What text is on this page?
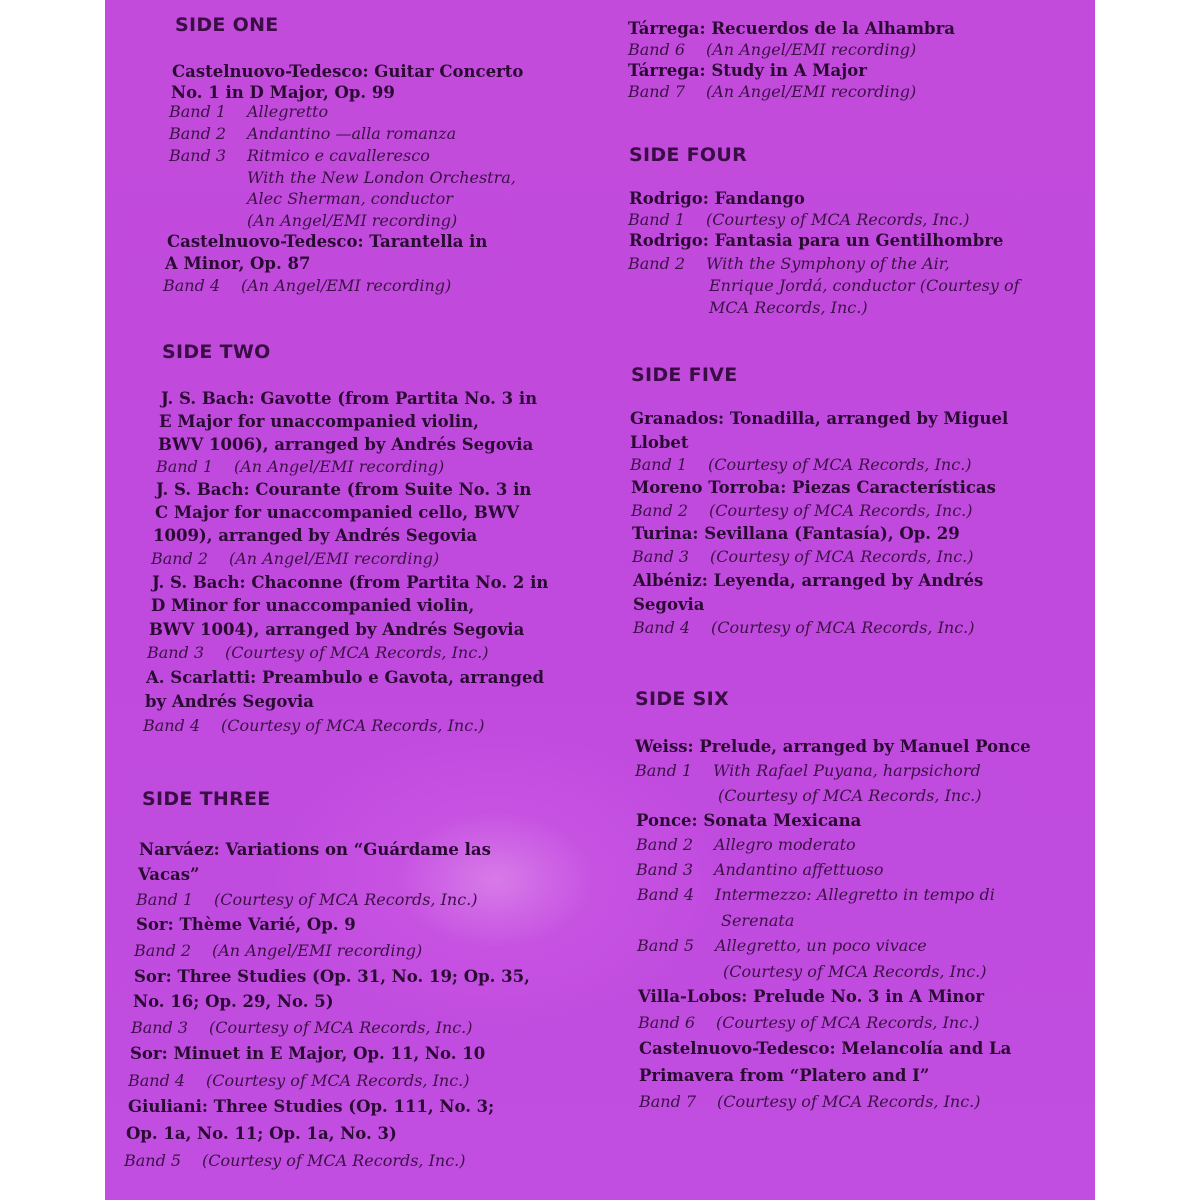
SIDE ONE

Castelnuovo-Tedesco: Guitar Concerto

No. 1 in D Major, Op. 99

Band 1 Allegretto

Band 2 Andantino —alla romanza

Band 3 Ritmico e cavalleresco

With the New London Orchestra,

Alec Sherman, conductor

(An Angel/EMI recording)

Castelnuovo-Tedesco: Tarantella in

A Minor, Op. 87

Band 4 (An Angel/EMI recording)

SIDE TWO

J. S. Bach: Gavotte (from Partita No. 3 in

E Major for unaccompanied violin,

BWV 1006), arranged by Andrés Segovia

Band 1 (An Angel/EMI recording)

J. S. Bach: Courante (from Suite No. 3 in

C Major for unaccompanied cello, BWV

1009), arranged by Andrés Segovia

Band 2 (An Angel/EMI recording)

J. S. Bach: Chaconne (from Partita No. 2 in

D Minor for unaccompanied violin,

BWV 1004), arranged by Andrés Segovia

Band 3 (Courtesy of MCA Records, Inc.)

A. Scarlatti: Preambulo e Gavota, arranged

by Andrés Segovia

Band 4 (Courtesy of MCA Records, Inc.)

SIDE THREE

Narváez: Variations on “Guárdame las

Vacas”

Band 1 (Courtesy of MCA Records, Inc.)

Sor: Thème Varié, Op. 9

Band 2 (An Angel/EMI recording)

Sor: Three Studies (Op. 31, No. 19; Op. 35,

No. 16; Op. 29, No. 5)

Band 3 (Courtesy of MCA Records, Inc.)

Sor: Minuet in E Major, Op. 11, No. 10

Band 4 (Courtesy of MCA Records, Inc.)

Giuliani: Three Studies (Op. 111, No. 3;

Op. 1a, No. 11; Op. 1a, No. 3)

Band 5 (Courtesy of MCA Records, Inc.)

Tárrega: Recuerdos de la Alhambra

Band 6 (An Angel/EMI recording)

Tárrega: Study in A Major

Band 7 (An Angel/EMI recording)

SIDE FOUR

Rodrigo: Fandango

Band 1 (Courtesy of MCA Records, Inc.)

Rodrigo: Fantasia para un Gentilhombre

Band 2 With the Symphony of the Air,

Enrique Jordá, conductor (Courtesy of

MCA Records, Inc.)

SIDE FIVE

Granados: Tonadilla, arranged by Miguel

Llobet

Band 1 (Courtesy of MCA Records, Inc.)

Moreno Torroba: Piezas Características

Band 2 (Courtesy of MCA Records, Inc.)

Turina: Sevillana (Fantasía), Op. 29

Band 3 (Courtesy of MCA Records, Inc.)

Albéniz: Leyenda, arranged by Andrés

Segovia

Band 4 (Courtesy of MCA Records, Inc.)

SIDE SIX

Weiss: Prelude, arranged by Manuel Ponce

Band 1 With Rafael Puyana, harpsichord

(Courtesy of MCA Records, Inc.)

Ponce: Sonata Mexicana

Band 2 Allegro moderato

Band 3 Andantino affettuoso

Band 4 Intermezzo: Allegretto in tempo di

Serenata

Band 5 Allegretto, un poco vivace

(Courtesy of MCA Records, Inc.)

Villa-Lobos: Prelude No. 3 in A Minor

Band 6 (Courtesy of MCA Records, Inc.)

Castelnuovo-Tedesco: Melancolía and La

Primavera from “Platero and I”

Band 7 (Courtesy of MCA Records, Inc.)
